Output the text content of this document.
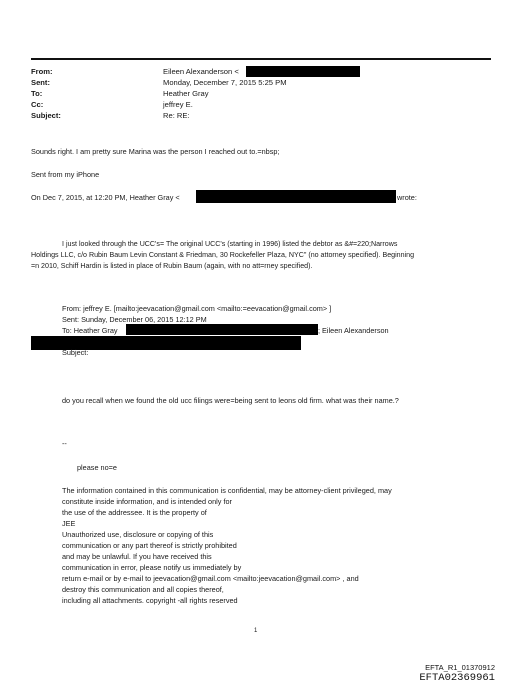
From:	Eileen Alexanderson <
Sent:	Monday, December 7, 2015 5:25 PM
To:	Heather Gray
Cc:	jeffrey E.
Subject:	Re: RE:
Sounds right. I am pretty sure Marina was the person I reached out to.=nbsp;
Sent from my iPhone
On Dec 7, 2015, at 12:20 PM, Heather Gray <	wrote:
I just looked through the UCC's= The original UCC's (starting in 1996) listed the debtor as &#=220;Narrows
Holdings LLC, c/o Rubin Baum Levin Constant & Friedman, 30 Rockefeller Plaza, NYC" (no attorney specified). Beginning
=n 2010, Schiff Hardin is listed in place of Rubin Baum (again, with no att=rney specified).
From: jeffrey E. [mailto:jeevacation@gmail.com <mailto:=eevacation@gmail.com> ]
Sent: Sunday, December 06, 2015 12:12 PM
To: Heather Gray	; Eileen Alexanderson
Subject:
do you recall when we found the old ucc filings were=being sent to leons old firm. what was their name.?
--
please no=e
The information contained in this communication is confidential, may be attorney-client privileged, may
constitute inside information, and is intended only for
the use of the addressee. It is the property of
JEE
Unauthorized use, disclosure or copying of this
communication or any part thereof is strictly prohibited
and may be unlawful. If you have received this
communication in error, please notify us immediately by
return e-mail or by e-mail to jeevacation@gmail.com <mailto:jeevacation@gmail.com> , and
destroy this communication and all copies thereof,
including all attachments. copyright -all rights reserved
1
EFTA_R1_01370912
EFTA02369961
